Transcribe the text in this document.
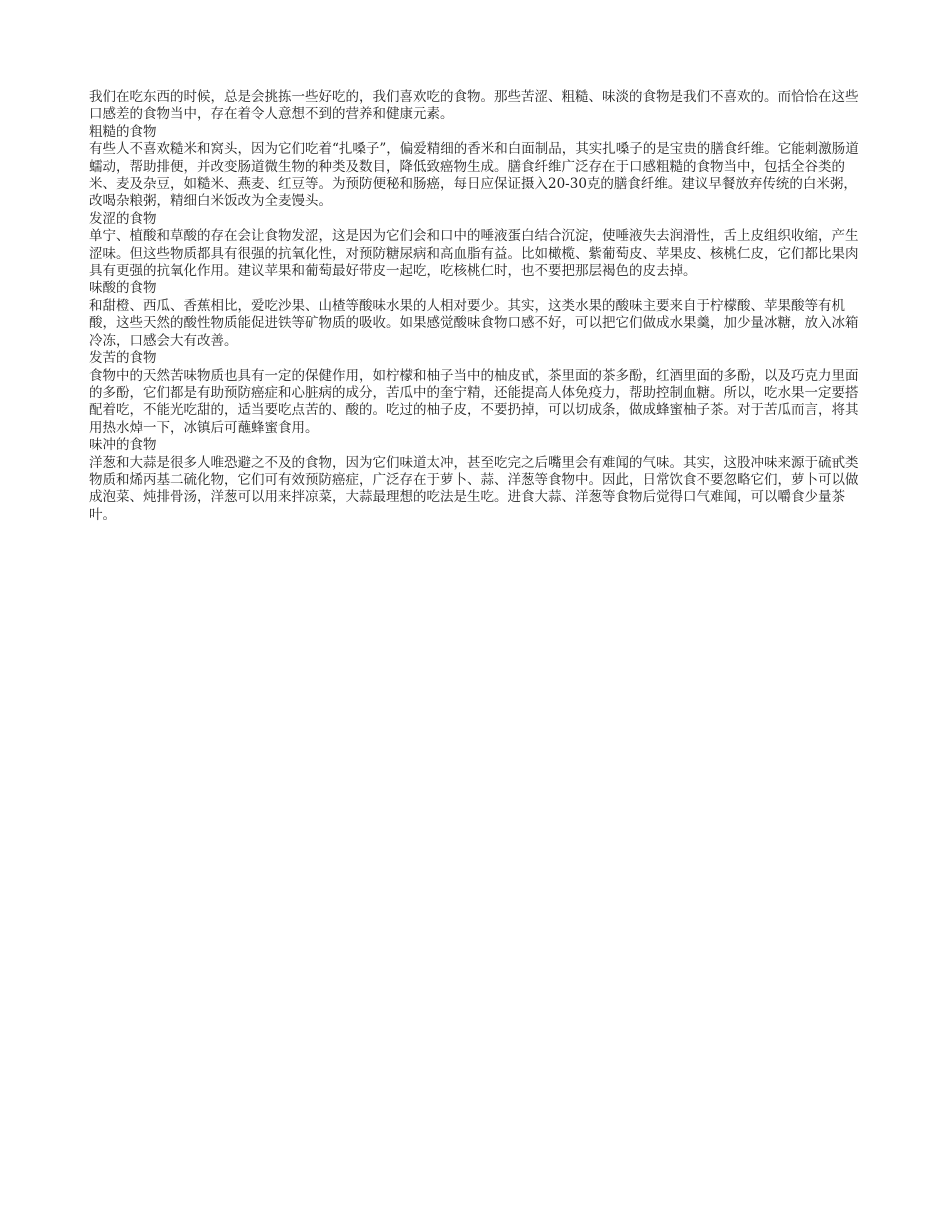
我们在吃东西的时候，总是会挑拣一些好吃的，我们喜欢吃的食物。那些苦涩、粗糙、味淡的食物是我们不喜欢的。而恰恰在这些口感差的食物当中，存在着令人意想不到的营养和健康元素。

粗糙的食物

有些人不喜欢糙米和窝头，因为它们吃着“扎嗓子”，偏爱精细的香米和白面制品，其实扎嗓子的是宝贵的膳食纤维。它能刺激肠道蠕动，帮助排便，并改变肠道微生物的种类及数目，降低致癌物生成。膳食纤维广泛存在于口感粗糙的食物当中，包括全谷类的米、麦及杂豆，如糙米、燕麦、红豆等。为预防便秘和肠癌，每日应保证摄入20-30克的膳食纤维。建议早餐放弃传统的白米粥，改喝杂粮粥，精细白米饭改为全麦馒头。

发涩的食物

单宁、植酸和草酸的存在会让食物发涩，这是因为它们会和口中的唾液蛋白结合沉淀，使唾液失去润滑性，舌上皮组织收缩，产生涩味。但这些物质都具有很强的抗氧化性，对预防糖尿病和高血脂有益。比如橄榄、紫葡萄皮、苹果皮、核桃仁皮，它们都比果肉具有更强的抗氧化作用。建议苹果和葡萄最好带皮一起吃，吃核桃仁时，也不要把那层褐色的皮去掉。

味酸的食物

和甜橙、西瓜、香蕉相比，爱吃沙果、山楂等酸味水果的人相对要少。其实，这类水果的酸味主要来自于柠檬酸、苹果酸等有机酸，这些天然的酸性物质能促进铁等矿物质的吸收。如果感觉酸味食物口感不好，可以把它们做成水果羹，加少量冰糖，放入冰箱冷冻，口感会大有改善。

发苦的食物

食物中的天然苦味物质也具有一定的保健作用，如柠檬和柚子当中的柚皮甙，茶里面的茶多酚，红酒里面的多酚，以及巧克力里面的多酚，它们都是有助预防癌症和心脏病的成分，苦瓜中的奎宁精，还能提高人体免疫力，帮助控制血糖。所以，吃水果一定要搭配着吃，不能光吃甜的，适当要吃点苦的、酸的。吃过的柚子皮，不要扔掉，可以切成条，做成蜂蜜柚子茶。对于苦瓜而言，将其用热水焯一下，冰镇后可蘸蜂蜜食用。

味冲的食物

洋葱和大蒜是很多人唯恐避之不及的食物，因为它们味道太冲，甚至吃完之后嘴里会有难闻的气味。其实，这股冲味来源于硫甙类物质和烯丙基二硫化物，它们可有效预防癌症，广泛存在于萝卜、蒜、洋葱等食物中。因此，日常饮食不要忽略它们，萝卜可以做成泡菜、炖排骨汤，洋葱可以用来拌凉菜，大蒜最理想的吃法是生吃。进食大蒜、洋葱等食物后觉得口气难闻，可以嚼食少量茶叶。
